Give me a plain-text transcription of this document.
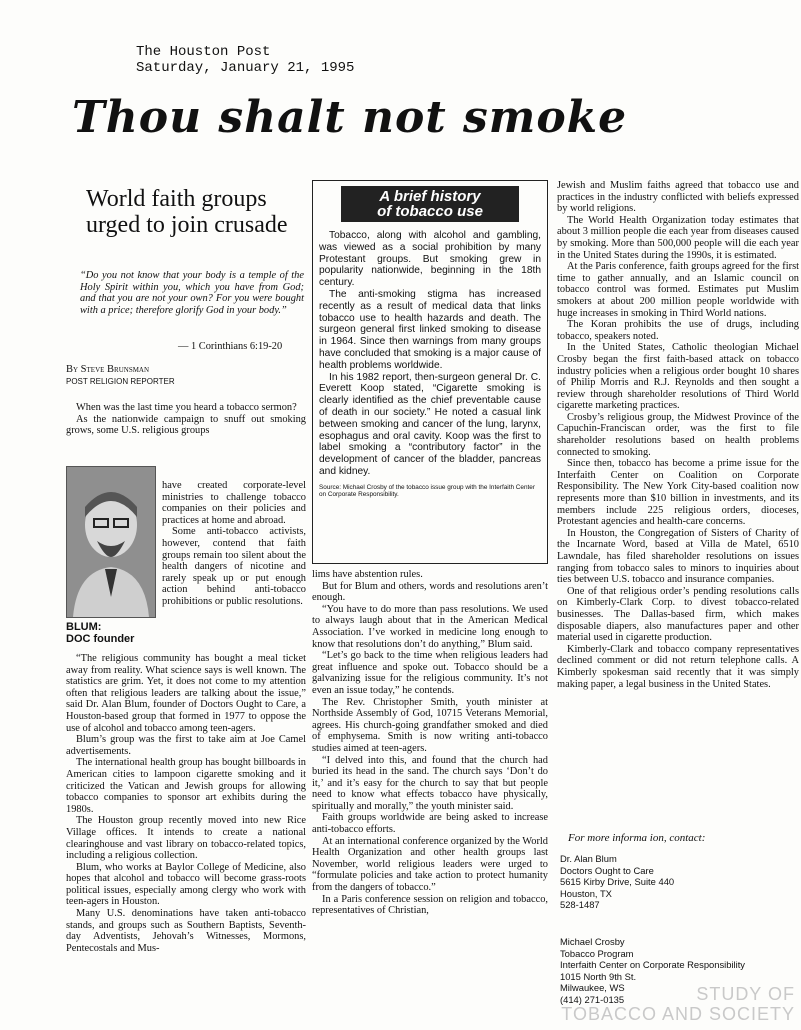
The Houston Post
Saturday, January 21, 1995
Thou shalt not smoke
World faith groups urged to join crusade
“Do you not know that your body is a temple of the Holy Spirit within you, which you have from God; and that you are not your own? For you were bought with a price; therefore glorify God in your body.”
— 1 Corinthians 6:19-20
By Steve Brunsman
POST RELIGION REPORTER

When was the last time you heard a tobacco sermon?

As the nationwide campaign to snuff out smoking grows, some U.S. religious groups

BLUM:
DOC founder

have created corporate-level ministries to challenge tobacco companies on their policies and practices at home and abroad.

Some anti-tobacco activists, however, contend that faith groups remain too silent about the health dangers of nicotine and rarely speak up or put enough action behind anti-tobacco prohibitions or public resolutions.

“The religious community has bought a meal ticket away from reality. What science says is well known. The statistics are grim. Yet, it does not come to my attention often that religious leaders are talking about the issue,” said Dr. Alan Blum, founder of Doctors Ought to Care, a Houston-based group that formed in 1977 to oppose the use of alcohol and tobacco among teen-agers.

Blum’s group was the first to take aim at Joe Camel advertisements.

The international health group has bought billboards in American cities to lampoon cigarette smoking and it criticized the Vatican and Jewish groups for allowing tobacco companies to sponsor art exhibits during the 1980s.

The Houston group recently moved into new Rice Village offices. It intends to create a national clearinghouse and vast library on tobacco-related topics, including a religious collection.

Blum, who works at Baylor College of Medicine, also hopes that alcohol and tobacco will become grass-roots political issues, especially among clergy who work with teen-agers in Houston.

Many U.S. denominations have taken anti-tobacco stands, and groups such as Southern Baptists, Seventh-day Adventists, Jehovah’s Witnesses, Mormons, Pentecostals and Mus-

A brief history
of tobacco use

Tobacco, along with alcohol and gambling, was viewed as a social prohibition by many Protestant groups. But smoking grew in popularity nationwide, beginning in the 18th century.

The anti-smoking stigma has increased recently as a result of medical data that links tobacco use to health hazards and death. The surgeon general first linked smoking to disease in 1964. Since then warnings from many groups have concluded that smoking is a major cause of health problems worldwide.

In his 1982 report, then-surgeon general Dr. C. Everett Koop stated, “Cigarette smoking is clearly identified as the chief preventable cause of death in our society.” He noted a casual link between smoking and cancer of the lung, larynx, esophagus and oral cavity. Koop was the first to label smoking a “contributory factor” in the development of cancer of the bladder, pancreas and kidney.

Source: Michael Crosby of the tobacco issue group with the Interfaith Center on Corporate Responsibility.

lims have abstention rules.

But for Blum and others, words and resolutions aren’t enough.

“You have to do more than pass resolutions. We used to always laugh about that in the American Medical Association. I’ve worked in medicine long enough to know that resolutions don’t do anything,” Blum said.

“Let’s go back to the time when religious leaders had great influence and spoke out. Tobacco should be a galvanizing issue for the religious community. It’s not even an issue today,” he contends.

The Rev. Christopher Smith, youth minister at Northside Assembly of God, 10715 Veterans Memorial, agrees. His church-going grandfather smoked and died of emphysema. Smith is now writing anti-tobacco studies aimed at teen-agers.

“I delved into this, and found that the church had buried its head in the sand. The church says ‘Don’t do it,’ and it’s easy for the church to say that but people need to know what effects tobacco have physically, spiritually and morally,” the youth minister said.

Faith groups worldwide are being asked to increase anti-tobacco efforts.

At an international conference organized by the World Health Organization and other health groups last November, world religious leaders were urged to “formulate policies and take action to protect humanity from the dangers of tobacco.”

In a Paris conference session on religion and tobacco, representatives of Christian,

Jewish and Muslim faiths agreed that tobacco use and practices in the industry conflicted with beliefs expressed by world religions.

The World Health Organization today estimates that about 3 million people die each year from diseases caused by smoking. More than 500,000 people will die each year in the United States during the 1990s, it is estimated.

At the Paris conference, faith groups agreed for the first time to gather annually, and an Islamic council on tobacco control was formed. Estimates put Muslim smokers at about 200 million people worldwide with huge increases in smoking in Third World nations.

The Koran prohibits the use of drugs, including tobacco, speakers noted.

In the United States, Catholic theologian Michael Crosby began the first faith-based attack on tobacco industry policies when a religious order bought 10 shares of Philip Morris and R.J. Reynolds and then sought a review through shareholder resolutions of Third World cigarette marketing practices.

Crosby’s religious group, the Midwest Province of the Capuchin-Franciscan order, was the first to file shareholder resolutions based on health problems connected to smoking.

Since then, tobacco has become a prime issue for the Interfaith Center on Coalition on Corporate Responsibility. The New York City-based coalition now represents more than $10 billion in investments, and its members include 225 religious orders, dioceses, Protestant agencies and health-care concerns.

In Houston, the Congregation of Sisters of Charity of the Incarnate Word, based at Villa de Matel, 6510 Lawndale, has filed shareholder resolutions on issues ranging from tobacco sales to minors to inquiries about ties between U.S. tobacco and insurance companies.

One of that religious order’s pending resolutions calls on Kimberly-Clark Corp. to divest tobacco-related businesses. The Dallas-based firm, which makes disposable diapers, also manufactures paper and other material used in cigarette production.

Kimberly-Clark and tobacco company representatives declined comment or did not return telephone calls. A Kimberly spokesman said recently that it was simply making paper, a legal business in the United States.

For more informa ion, contact:
Dr. Alan Blum
Doctors Ought to Care
5615 Kirby Drive, Suite 440
Houston, TX
528-1487
Michael Crosby
Tobacco Program
Interfaith Center on Corporate Responsibility
1015 North 9th St.
Milwaukee, WS
(414) 271-0135	STUDY OF
TOBACCO AND SOCIETY
